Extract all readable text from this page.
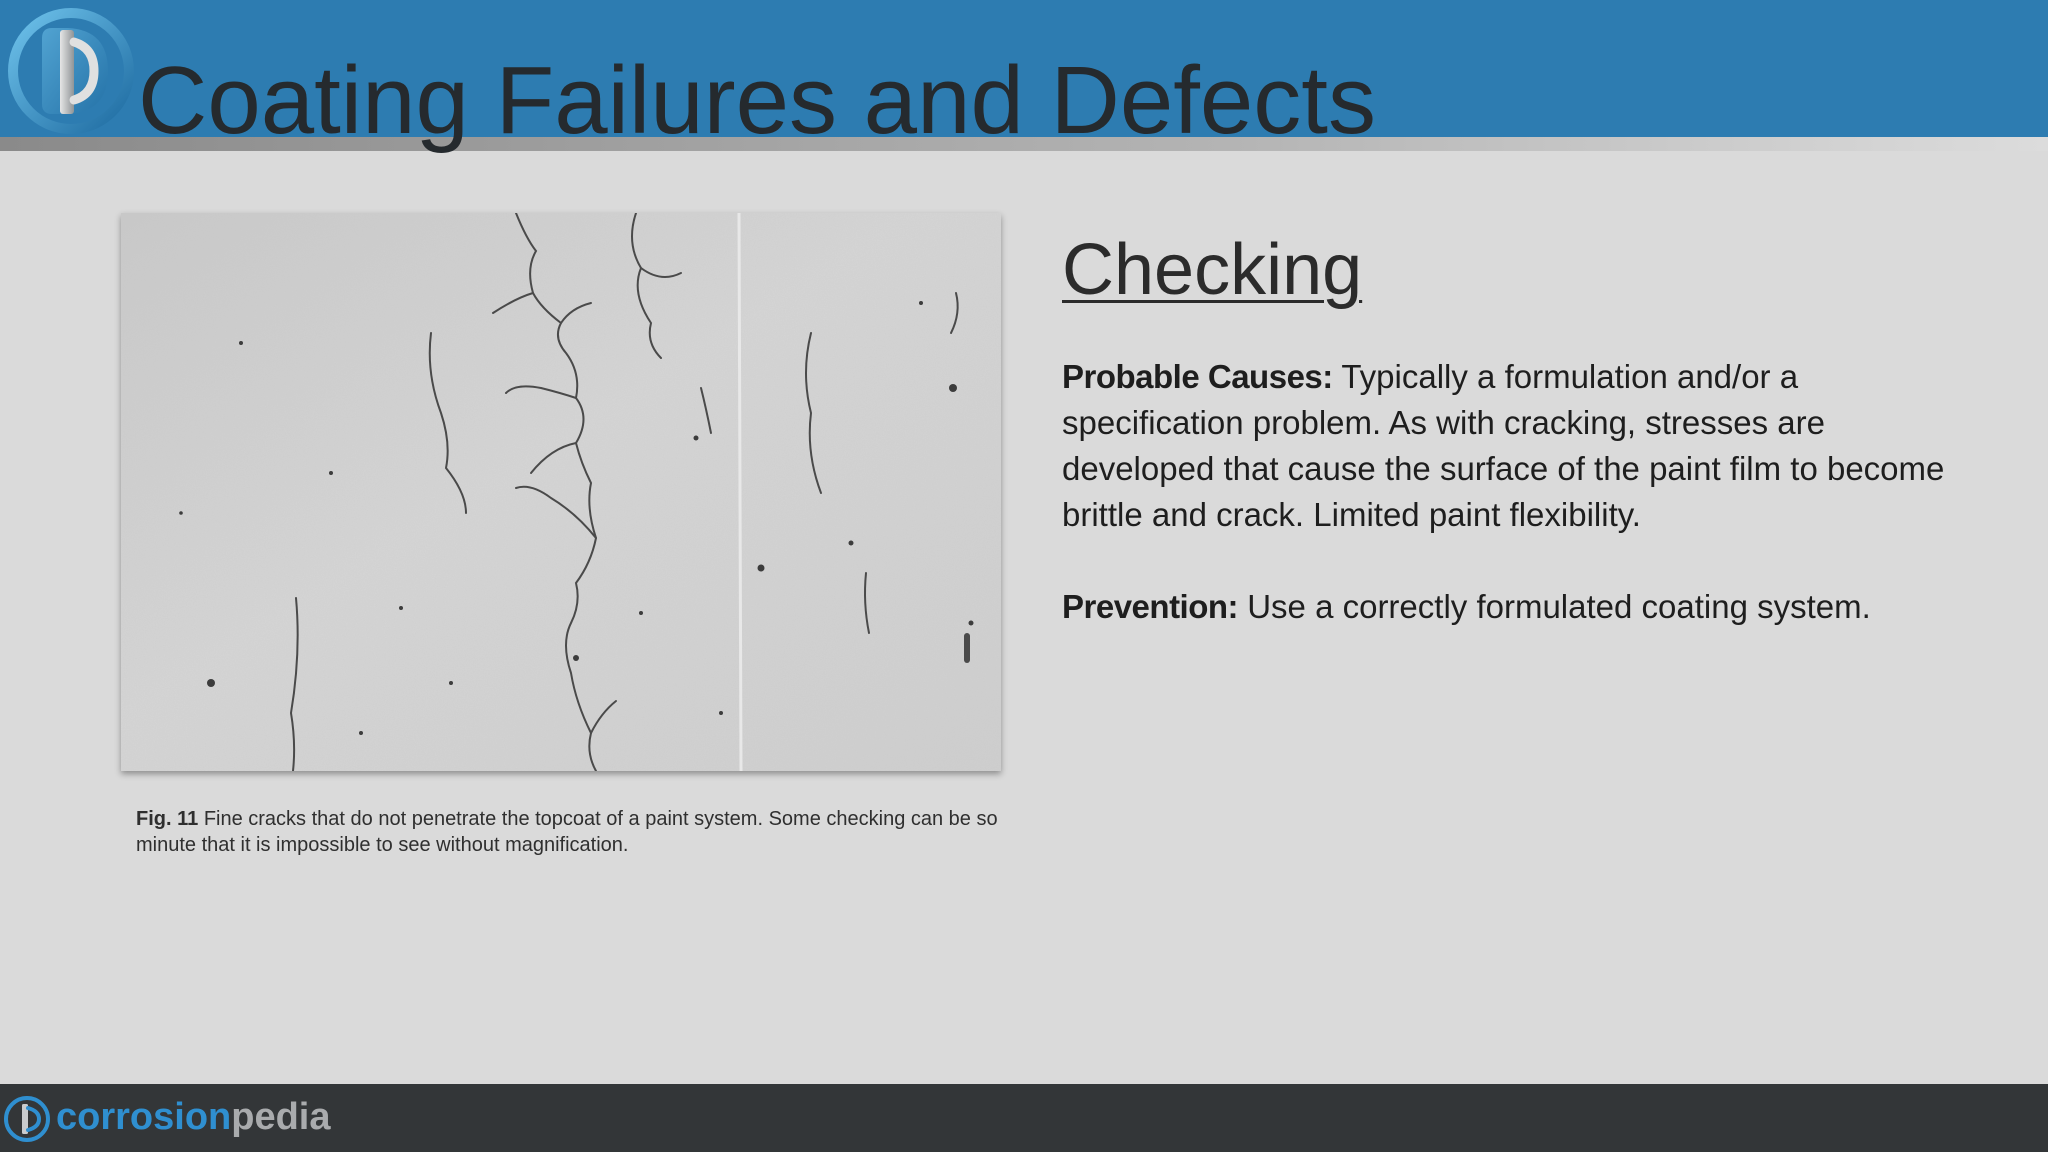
Coating Failures and Defects
Fig. 11 Fine cracks that do not penetrate the topcoat of a paint system. Some checking can be so minute that it is impossible to see without magnification.
Checking
Probable Causes: Typically a formulation and/or a specification problem. As with cracking, stresses are developed that cause the surface of the paint film to become brittle and crack. Limited paint flexibility.
Prevention: Use a correctly formulated coating system.
corrosionpedia
